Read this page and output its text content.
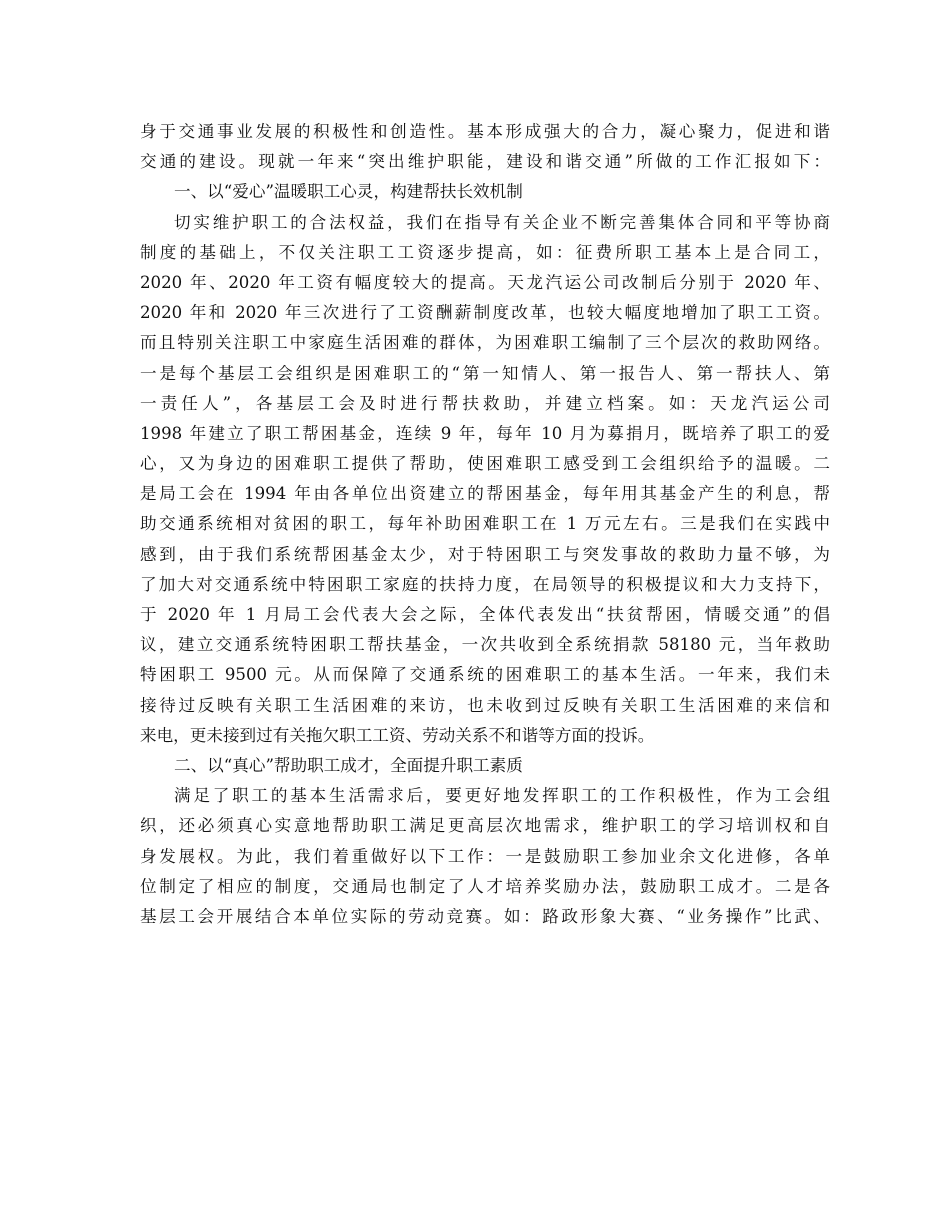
身于交通事业发展的积极性和创造性。基本形成强大的合力，凝心聚力，促进和谐
交通的建设。现就一年来“突出维护职能，建设和谐交通”所做的工作汇报如下：
一、以“爱心”温暖职工心灵，构建帮扶长效机制
切实维护职工的合法权益，我们在指导有关企业不断完善集体合同和平等协商
制度的基础上，不仅关注职工工资逐步提高，如：征费所职工基本上是合同工，
2020 年、2020 年工资有幅度较大的提高。天龙汽运公司改制后分别于 2020 年、
2020 年和 2020 年三次进行了工资酬薪制度改革，也较大幅度地增加了职工工资。
而且特别关注职工中家庭生活困难的群体，为困难职工编制了三个层次的救助网络。
一是每个基层工会组织是困难职工的“第一知情人、第一报告人、第一帮扶人、第
一责任人”，各基层工会及时进行帮扶救助，并建立档案。如：天龙汽运公司
1998 年建立了职工帮困基金，连续 9 年，每年 10 月为募捐月，既培养了职工的爱
心，又为身边的困难职工提供了帮助，使困难职工感受到工会组织给予的温暖。二
是局工会在 1994 年由各单位出资建立的帮困基金，每年用其基金产生的利息，帮
助交通系统相对贫困的职工，每年补助困难职工在 1 万元左右。三是我们在实践中
感到，由于我们系统帮困基金太少，对于特困职工与突发事故的救助力量不够，为
了加大对交通系统中特困职工家庭的扶持力度，在局领导的积极提议和大力支持下，
于 2020 年 1 月局工会代表大会之际，全体代表发出“扶贫帮困，情暖交通”的倡
议，建立交通系统特困职工帮扶基金，一次共收到全系统捐款 58180 元，当年救助
特困职工 9500 元。从而保障了交通系统的困难职工的基本生活。一年来，我们未
接待过反映有关职工生活困难的来访，也未收到过反映有关职工生活困难的来信和
来电，更未接到过有关拖欠职工工资、劳动关系不和谐等方面的投诉。
二、以“真心”帮助职工成才，全面提升职工素质
满足了职工的基本生活需求后，要更好地发挥职工的工作积极性，作为工会组
织，还必须真心实意地帮助职工满足更高层次地需求，维护职工的学习培训权和自
身发展权。为此，我们着重做好以下工作：一是鼓励职工参加业余文化进修，各单
位制定了相应的制度，交通局也制定了人才培养奖励办法，鼓励职工成才。二是各
基层工会开展结合本单位实际的劳动竞赛。如：路政形象大赛、“业务操作”比武、
